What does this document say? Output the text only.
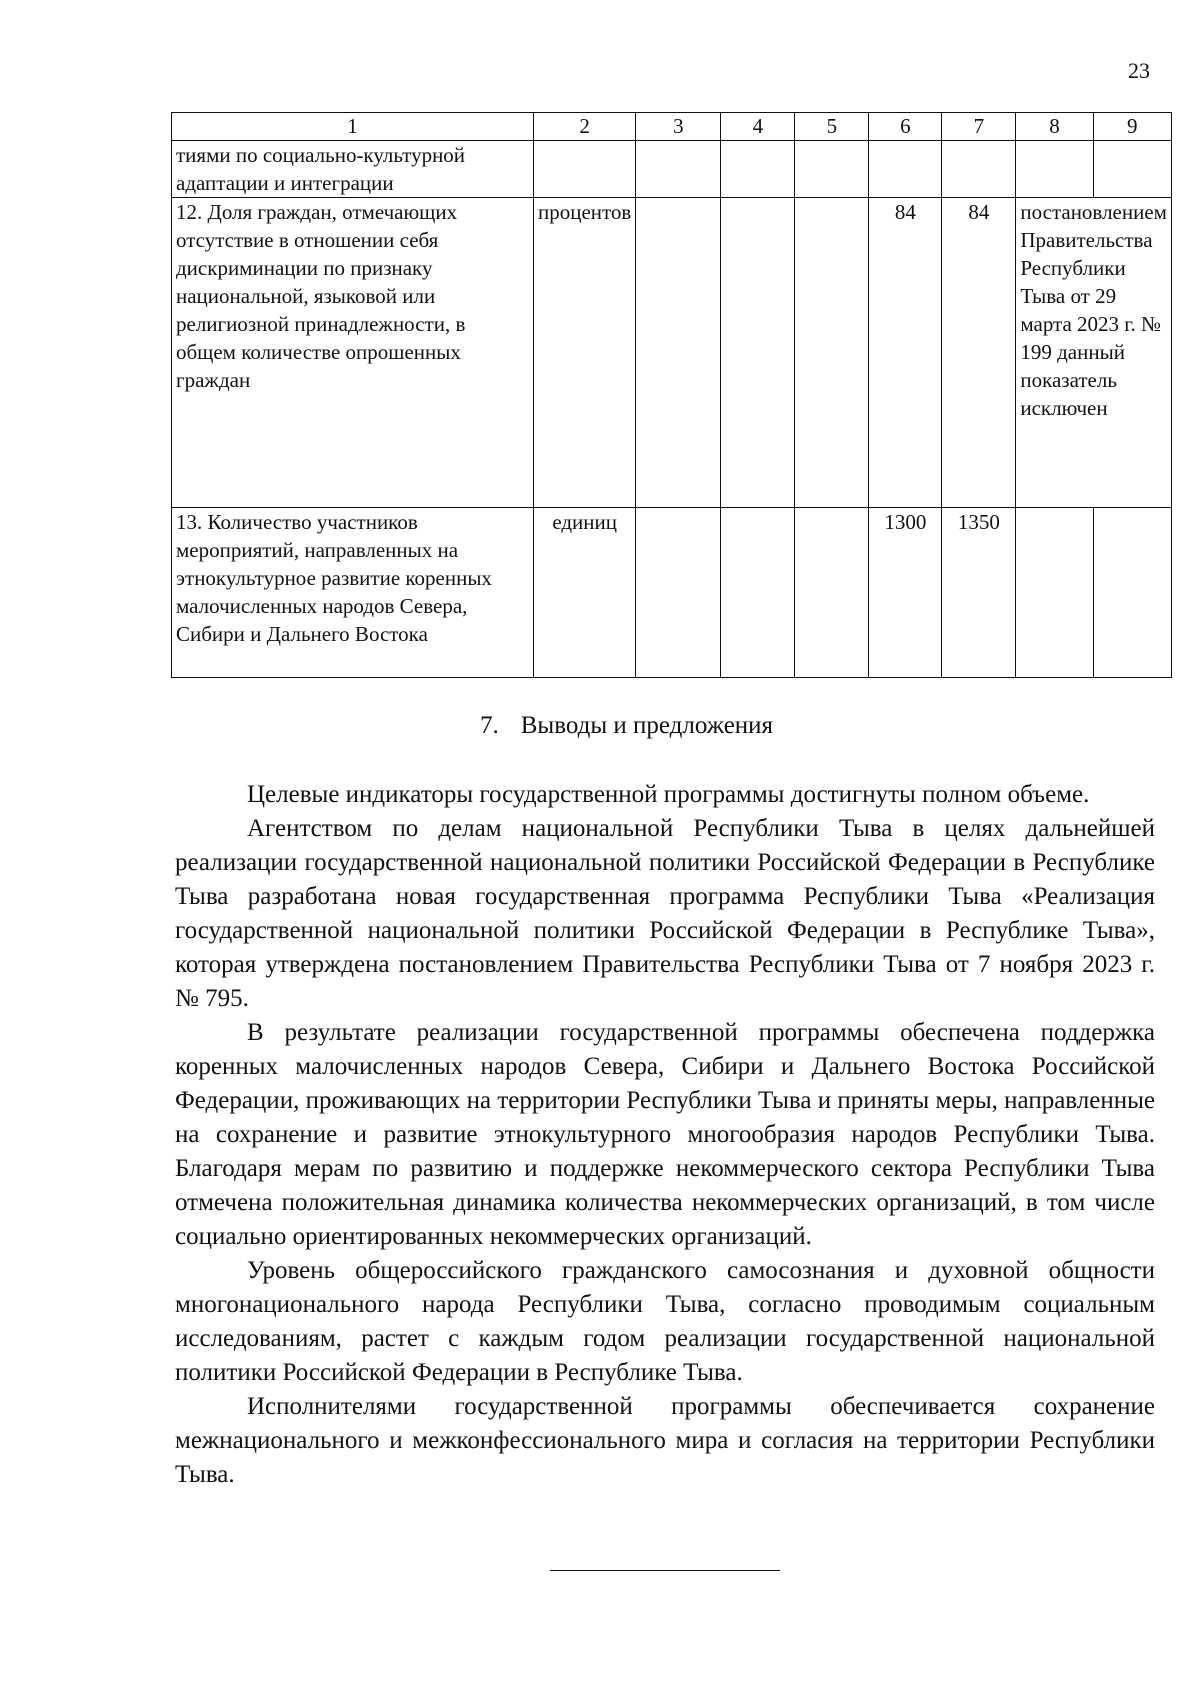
23
1	2	3	4	5	6	7	8	9
тиями по социально-культурной адаптации и интеграции								
12. Доля граждан, отмечающих отсутствие в отношении себя дискриминации по признаку национальной, языковой или религиозной принадлежности, в общем количестве опрошенных граждан	процентов				84	84	постановлением Правительства Республики Тыва от 29 марта 2023 г. № 199 данный показатель исключен	
13. Количество участников мероприятий, направленных на этнокультурное развитие коренных малочисленных народов Севера, Сибири и Дальнего Востока	единиц				1300	1350		
7. Выводы и предложения

Целевые индикаторы государственной программы достигнуты полном объеме.

Агентством по делам национальной Республики Тыва в целях дальнейшей реализации государственной национальной политики Российской Федерации в Республике Тыва разработана новая государственная программа Республики Тыва «Реализация государственной национальной политики Российской Федерации в Республике Тыва», которая утверждена постановлением Правительства Республики Тыва от 7 ноября 2023 г. № 795.

В результате реализации государственной программы обеспечена поддержка коренных малочисленных народов Севера, Сибири и Дальнего Востока Российской Федерации, проживающих на территории Республики Тыва и приняты меры, направленные на сохранение и развитие этнокультурного многообразия народов Республики Тыва. Благодаря мерам по развитию и поддержке некоммерческого сектора Республики Тыва отмечена положительная динамика количества некоммерческих организаций, в том числе социально ориентированных некоммерческих организаций.

Уровень общероссийского гражданского самосознания и духовной общности многонационального народа Республики Тыва, согласно проводимым социальным исследованиям, растет с каждым годом реализации государственной национальной политики Российской Федерации в Республике Тыва.

Исполнителями государственной программы обеспечивается сохранение межнационального и межконфессионального мира и согласия на территории Республики Тыва.
